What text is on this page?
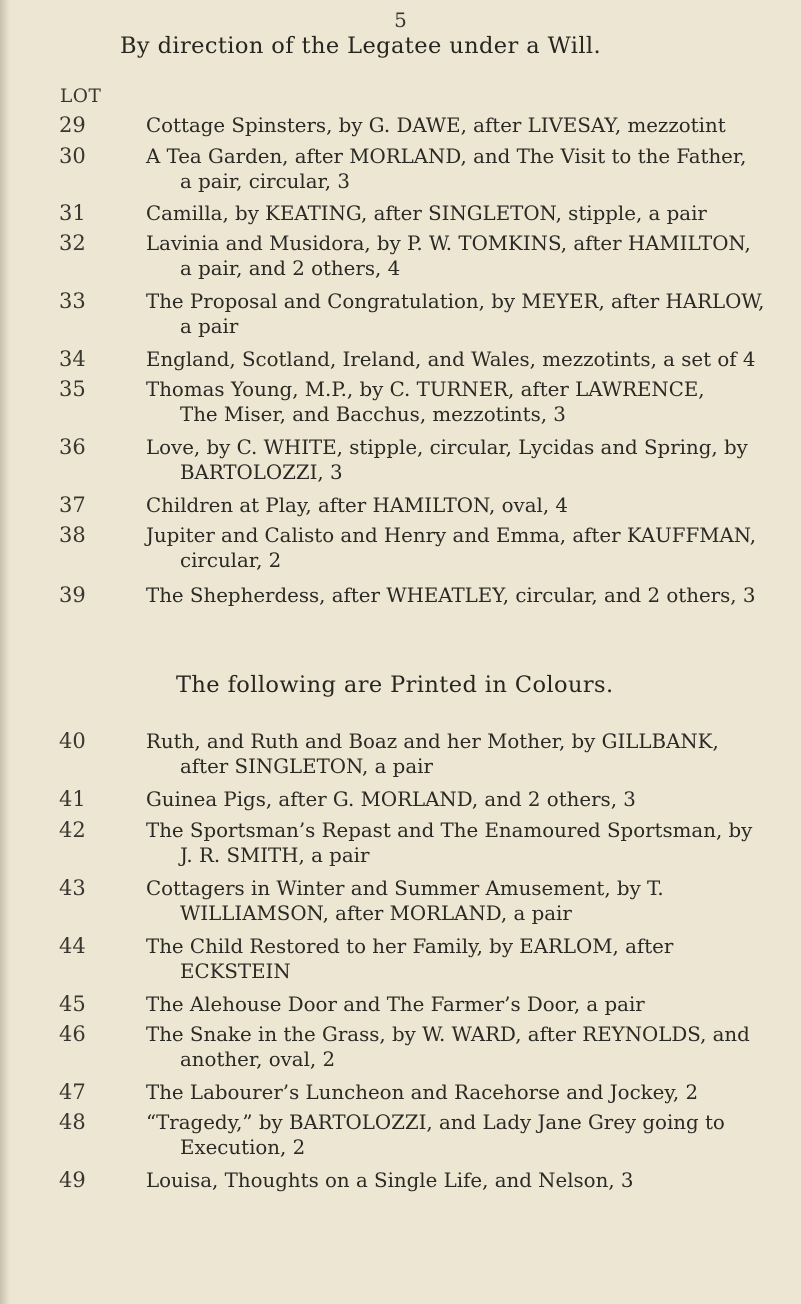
5
By direction of the Legatee under a Will.
LOT
The following are Printed in Colours.
29	Cottage Spinsters, by G. DAWE, after LIVESAY, mezzotint
30	A Tea Garden, after MORLAND, and The Visit to the Father,
a pair, circular, 3
31	Camilla, by KEATING, after SINGLETON, stipple, a pair
32	Lavinia and Musidora, by P. W. TOMKINS, after HAMILTON,
a pair, and 2 others, 4
33	The Proposal and Congratulation, by MEYER, after HARLOW,
a pair
34	England, Scotland, Ireland, and Wales, mezzotints, a set of 4
35	Thomas Young, M.P., by C. TURNER, after LAWRENCE,
The Miser, and Bacchus, mezzotints, 3
36	Love, by C. WHITE, stipple, circular, Lycidas and Spring, by
BARTOLOZZI, 3
37	Children at Play, after HAMILTON, oval, 4
38	Jupiter and Calisto and Henry and Emma, after KAUFFMAN,
circular, 2
39	The Shepherdess, after WHEATLEY, circular, and 2 others, 3
40	Ruth, and Ruth and Boaz and her Mother, by GILLBANK,
after SINGLETON, a pair
41	Guinea Pigs, after G. MORLAND, and 2 others, 3
42	The Sportsman’s Repast and The Enamoured Sportsman, by
J. R. SMITH, a pair
43	Cottagers in Winter and Summer Amusement, by T.
WILLIAMSON, after MORLAND, a pair
44	The Child Restored to her Family, by EARLOM, after
ECKSTEIN
45	The Alehouse Door and The Farmer’s Door, a pair
46	The Snake in the Grass, by W. WARD, after REYNOLDS, and
another, oval, 2
47	The Labourer’s Luncheon and Racehorse and Jockey, 2
48	“Tragedy,” by BARTOLOZZI, and Lady Jane Grey going to
Execution, 2
49	Louisa, Thoughts on a Single Life, and Nelson, 3
